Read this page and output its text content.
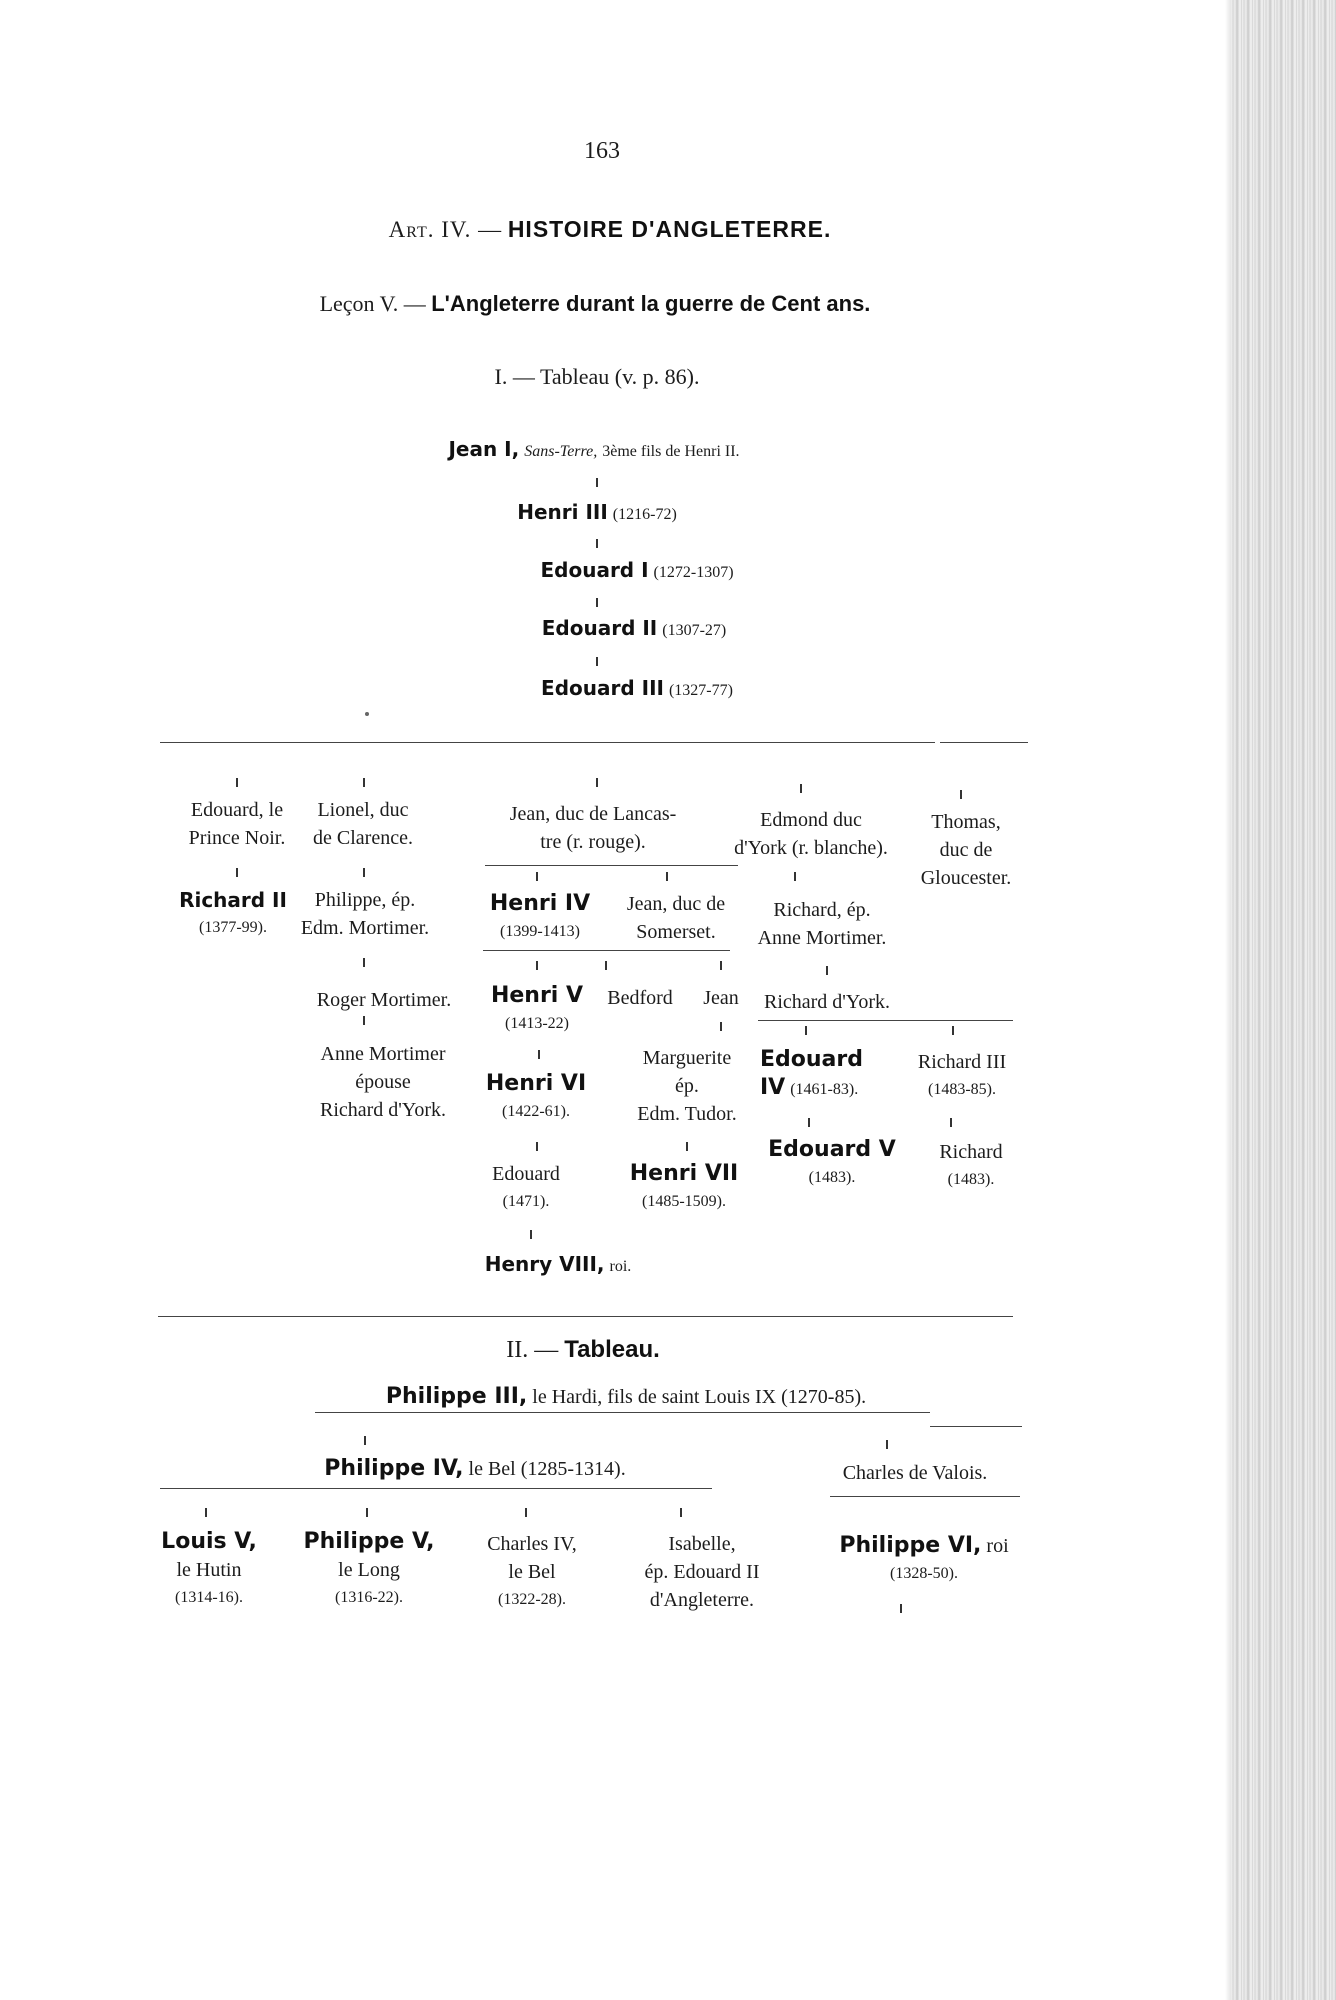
163
Art. IV. — HISTOIRE D'ANGLETERRE.
Leçon V. — L'Angleterre durant la guerre de Cent ans.
I. — Tableau (v. p. 86).
Jean I, Sans-Terre, 3ème fils de Henri II.
Henri III (1216-72)
Edouard I (1272-1307)
Edouard II (1307-27)
Edouard III (1327-77)
Edouard, le
Prince Noir.
Richard II
(1377-99).
Lionel, duc
de Clarence.
Philippe, ép.
Edm. Mortimer.
Roger Mortimer.
Anne Mortimer
épouse
Richard d'York.
Jean, duc de Lancas-
tre (r. rouge).
Henri IV
(1399-1413)
Jean, duc de
Somerset.
Henri V
(1413-22)
Bedford Jean
Henri VI
(1422-61).
Marguerite
ép.
Edm. Tudor.
Edouard
(1471).
Henri VII
(1485-1509).
Henry VIII, roi.
Edmond duc
d'York (r. blanche).
Richard, ép.
Anne Mortimer.
Richard d'York.
Edouard
IV (1461-83).
Edouard V
(1483).
Thomas,
duc de
Gloucester.
Richard III
(1483-85).
Richard
(1483).
II. — Tableau.
Philippe III, le Hardi, fils de saint Louis IX (1270-85).
Philippe IV, le Bel (1285-1314).	Charles de Valois.
Louis V,
le Hutin
(1314-16).
Philippe V,
le Long
(1316-22).
Charles IV,
le Bel
(1322-28).
Isabelle,
ép. Edouard II
d'Angleterre.
Philippe VI, roi
(1328-50).
